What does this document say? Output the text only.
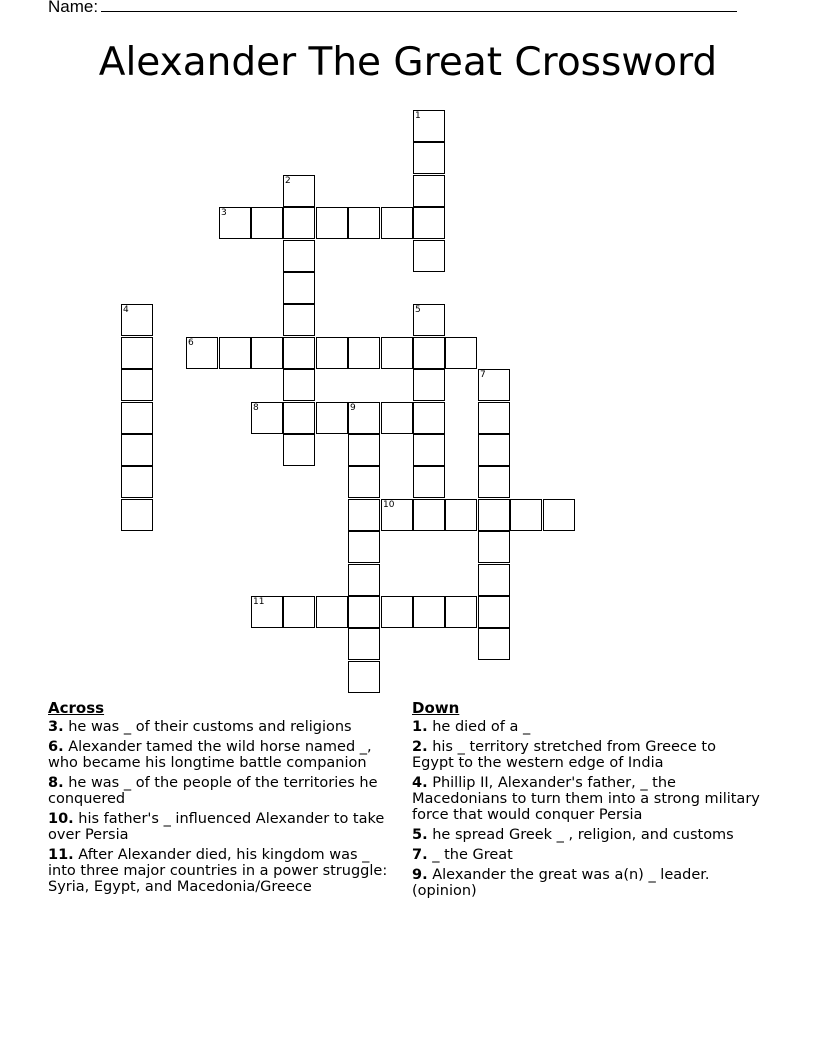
Name:
Alexander The Great Crossword
1
2
3
4	5
6
7
8	9
10
11
Across
3. he was _ of their customs and religions
6. Alexander tamed the wild horse named _, who became his longtime battle companion
8. he was _ of the people of the territories he conquered
10. his father's _ influenced Alexander to take over Persia
11. After Alexander died, his kingdom was _ into three major countries in a power struggle: Syria, Egypt, and Macedonia/Greece
Down
1. he died of a _
2. his _ territory stretched from Greece to Egypt to the western edge of India
4. Phillip II, Alexander's father, _ the Macedonians to turn them into a strong military force that would conquer Persia
5. he spread Greek _ , religion, and customs
7. _ the Great
9. Alexander the great was a(n) _ leader. (opinion)
